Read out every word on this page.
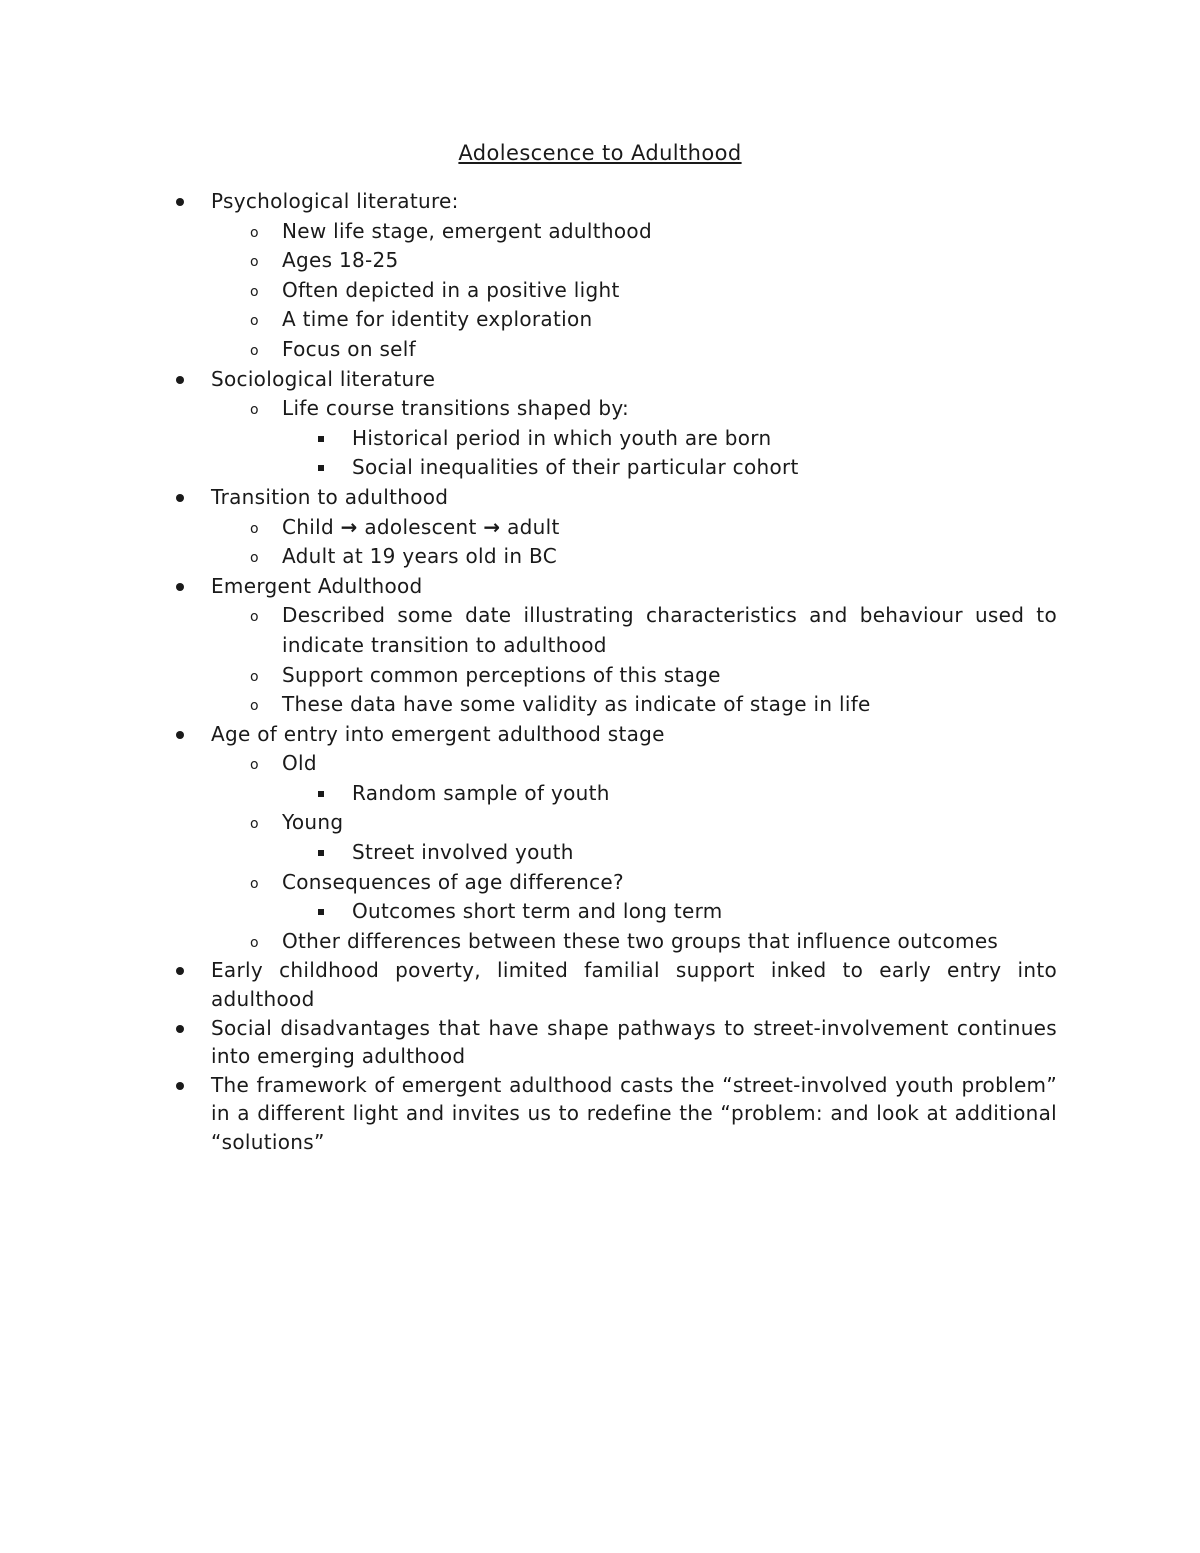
Adolescence to Adulthood
Psychological literature:
o New life stage, emergent adulthood
o Ages 18-25
o Often depicted in a positive light
o A time for identity exploration
o Focus on self
Sociological literature
o Life course transitions shaped by:
Historical period in which youth are born
Social inequalities of their particular cohort
Transition to adulthood
o Child → adolescent → adult
o Adult at 19 years old in BC
Emergent Adulthood
o Described some date illustrating characteristics and behaviour used to indicate transition to adulthood
o Support common perceptions of this stage
o These data have some validity as indicate of stage in life
Age of entry into emergent adulthood stage
o Old
Random sample of youth
o Young
Street involved youth
o Consequences of age difference?
Outcomes short term and long term
o Other differences between these two groups that influence outcomes
Early childhood poverty, limited familial support inked to early entry into adulthood
Social disadvantages that have shape pathways to street-involvement continues into emerging adulthood
The framework of emergent adulthood casts the “street-involved youth problem” in a different light and invites us to redefine the “problem: and look at additional “solutions”
